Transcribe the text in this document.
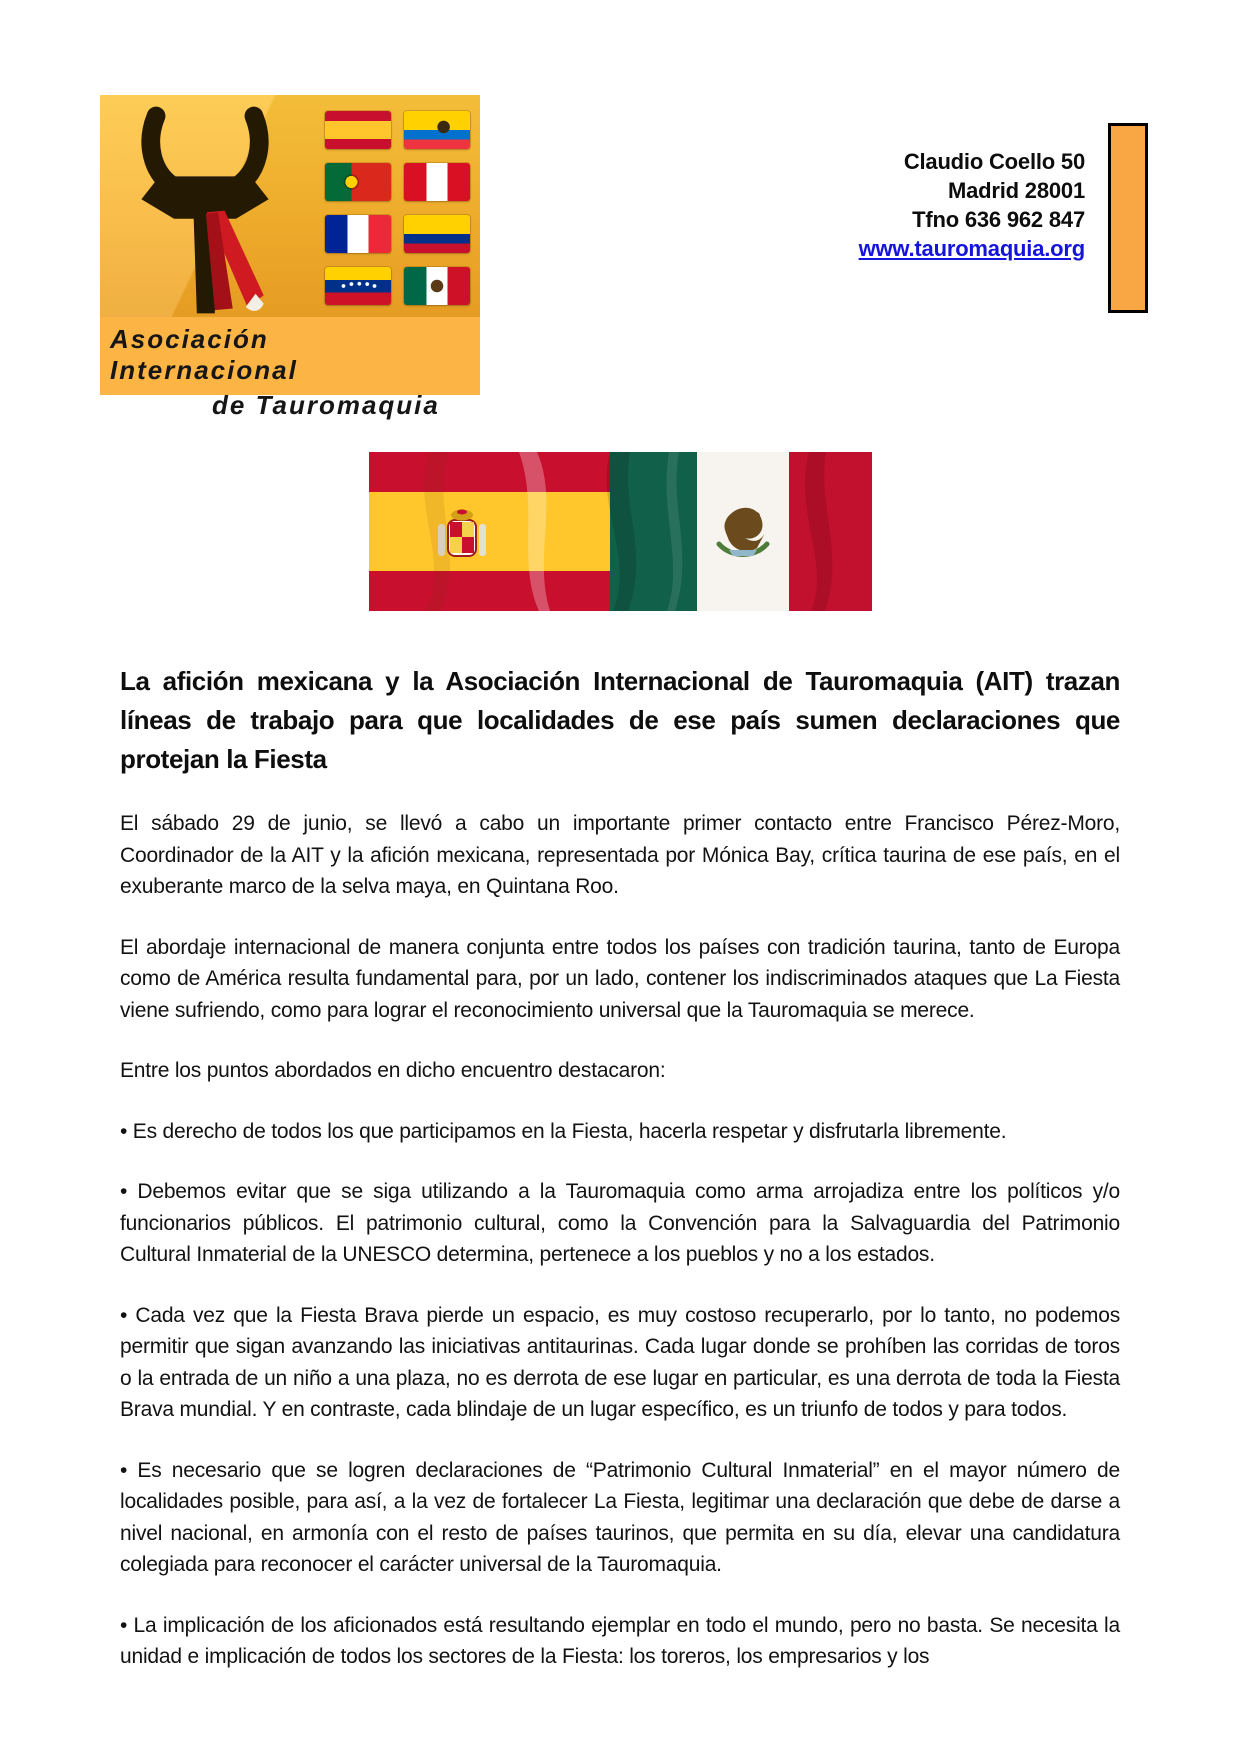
Asociación Internacional
de Tauromaquia
Claudio Coello 50
Madrid 28001
Tfno 636 962 847
www.tauromaquia.org
La afición mexicana y la Asociación Internacional de Tauromaquia (AIT) trazan líneas de trabajo para que localidades de ese país sumen declaraciones que protejan la Fiesta

El sábado 29 de junio, se llevó a cabo un importante primer contacto entre Francisco Pérez-Moro, Coordinador de la AIT y la afición mexicana, representada por Mónica Bay, crítica taurina de ese país, en el exuberante marco de la selva maya, en Quintana Roo.

El abordaje internacional de manera conjunta entre todos los países con tradición taurina, tanto de Europa como de América resulta fundamental para, por un lado, contener los indiscriminados ataques que La Fiesta viene sufriendo, como para lograr el reconocimiento universal que la Tauromaquia se merece.

Entre los puntos abordados en dicho encuentro destacaron:

• Es derecho de todos los que participamos en la Fiesta, hacerla respetar y disfrutarla libremente.

• Debemos evitar que se siga utilizando a la Tauromaquia como arma arrojadiza entre los políticos y/o funcionarios públicos. El patrimonio cultural, como la Convención para la Salvaguardia del Patrimonio Cultural Inmaterial de la UNESCO determina, pertenece a los pueblos y no a los estados.

• Cada vez que la Fiesta Brava pierde un espacio, es muy costoso recuperarlo, por lo tanto, no podemos permitir que sigan avanzando las iniciativas antitaurinas. Cada lugar donde se prohíben las corridas de toros o la entrada de un niño a una plaza, no es derrota de ese lugar en particular, es una derrota de toda la Fiesta Brava mundial. Y en contraste, cada blindaje de un lugar específico, es un triunfo de todos y para todos.

• Es necesario que se logren declaraciones de “Patrimonio Cultural Inmaterial” en el mayor número de localidades posible, para así, a la vez de fortalecer La Fiesta, legitimar una declaración que debe de darse a nivel nacional, en armonía con el resto de países taurinos, que permita en su día, elevar una candidatura colegiada para reconocer el carácter universal de la Tauromaquia.

• La implicación de los aficionados está resultando ejemplar en todo el mundo, pero no basta. Se necesita la unidad e implicación de todos los sectores de la Fiesta: los toreros, los empresarios y los
